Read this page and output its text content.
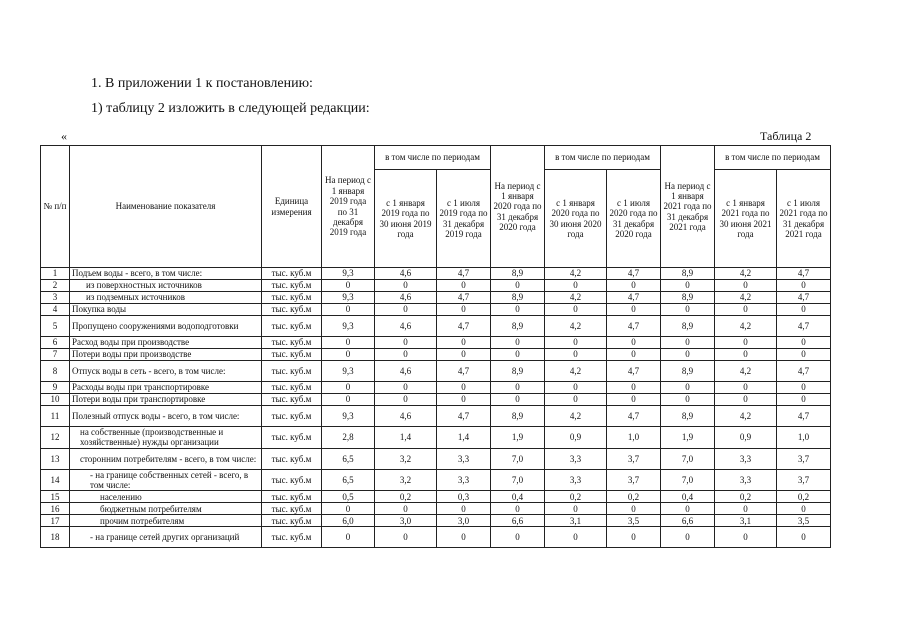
1. В приложении 1 к постановлению:
1) таблицу 2 изложить в следующей редакции:
«	Таблица 2
№ п/п	Наименование показателя	Единица измерения	На период с 1 января 2019 года по 31 декабря 2019 года	в том числе по периодам		На период с 1 января 2020 года по 31 декабря 2020 года	в том числе по периодам		На период с 1 января 2021 года по 31 декабря 2021 года	в том числе по периодам	
				с 1 января 2019 года по 30 июня 2019 года	с 1 июля 2019 года по 31 декабря 2019 года		с 1 января 2020 года по 30 июня 2020 года	с 1 июля 2020 года по 31 декабря 2020 года		с 1 января 2021 года по 30 июня 2021 года	с 1 июля 2021 года по 31 декабря 2021 года
1	Подъем воды - всего, в том числе:	тыс. куб.м	9,3	4,6	4,7	8,9	4,2	4,7	8,9	4,2	4,7
2	из поверхностных источников	тыс. куб.м	0	0	0	0	0	0	0	0	0
3	из подземных источников	тыс. куб.м	9,3	4,6	4,7	8,9	4,2	4,7	8,9	4,2	4,7
4	Покупка воды	тыс. куб.м	0	0	0	0	0	0	0	0	0
5	Пропущено сооружениями водоподготовки	тыс. куб.м	9,3	4,6	4,7	8,9	4,2	4,7	8,9	4,2	4,7
6	Расход воды при производстве	тыс. куб.м	0	0	0	0	0	0	0	0	0
7	Потери воды при производстве	тыс. куб.м	0	0	0	0	0	0	0	0	0
8	Отпуск воды в сеть - всего, в том числе:	тыс. куб.м	9,3	4,6	4,7	8,9	4,2	4,7	8,9	4,2	4,7
9	Расходы воды при транспортировке	тыс. куб.м	0	0	0	0	0	0	0	0	0
10	Потери воды при транспортировке	тыс. куб.м	0	0	0	0	0	0	0	0	0
11	Полезный отпуск воды - всего, в том числе:	тыс. куб.м	9,3	4,6	4,7	8,9	4,2	4,7	8,9	4,2	4,7
12	на собственные (производственные и хозяйственные) нужды организации	тыс. куб.м	2,8	1,4	1,4	1,9	0,9	1,0	1,9	0,9	1,0
13	сторонним потребителям - всего, в том числе:	тыс. куб.м	6,5	3,2	3,3	7,0	3,3	3,7	7,0	3,3	3,7
14	- на границе собственных сетей - всего, в том числе:	тыс. куб.м	6,5	3,2	3,3	7,0	3,3	3,7	7,0	3,3	3,7
15	населению	тыс. куб.м	0,5	0,2	0,3	0,4	0,2	0,2	0,4	0,2	0,2
16	бюджетным потребителям	тыс. куб.м	0	0	0	0	0	0	0	0	0
17	прочим потребителям	тыс. куб.м	6,0	3,0	3,0	6,6	3,1	3,5	6,6	3,1	3,5
18	- на границе сетей других организаций	тыс. куб.м	0	0	0	0	0	0	0	0	0
